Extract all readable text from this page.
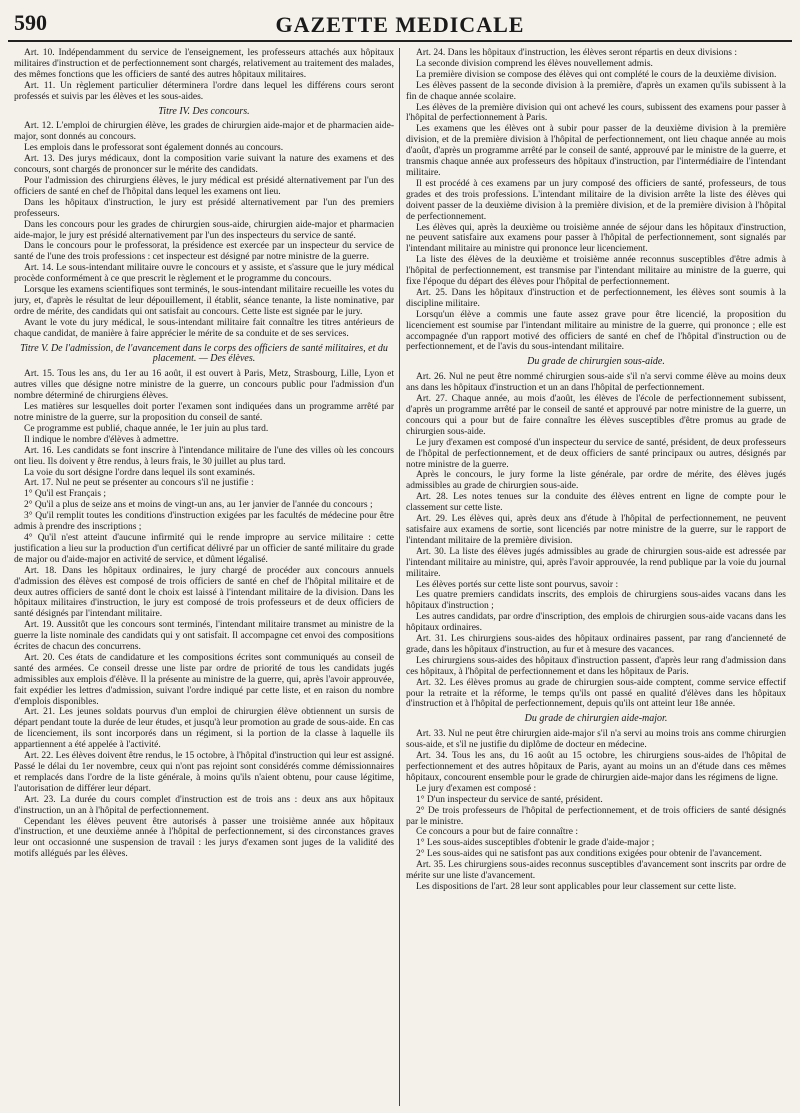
590	GAZETTE MEDICALE

Art. 10. Indépendamment du service de l'enseignement, les professeurs attachés aux hôpitaux militaires d'instruction et de perfectionnement sont chargés, relativement au traitement des malades, des mêmes fonctions que les officiers de santé des autres hôpitaux militaires.

Art. 11. Un règlement particulier déterminera l'ordre dans lequel les différens cours seront professés et suivis par les élèves et les sous-aides.

Titre IV. Des concours.

Art. 12. L'emploi de chirurgien élève, les grades de chirurgien aide-major et de pharmacien aide-major, sont donnés au concours.

Les emplois dans le professorat sont également donnés au concours.

Art. 13. Des jurys médicaux, dont la composition varie suivant la nature des examens et des concours, sont chargés de prononcer sur le mérite des candidats.

Pour l'admission des chirurgiens élèves, le jury médical est présidé alternativement par l'un des officiers de santé en chef de l'hôpital dans lequel les examens ont lieu.

Dans les hôpitaux d'instruction, le jury est présidé alternativement par l'un des premiers professeurs.

Dans les concours pour les grades de chirurgien sous-aide, chirurgien aide-major et pharmacien aide-major, le jury est présidé alternativement par l'un des inspecteurs du service de santé.

Dans le concours pour le professorat, la présidence est exercée par un inspecteur du service de santé de l'une des trois professions : cet inspecteur est désigné par notre ministre de la guerre.

Art. 14. Le sous-intendant militaire ouvre le concours et y assiste, et s'assure que le jury médical procède conformément à ce que prescrit le règlement et le programme du concours.

Lorsque les examens scientifiques sont terminés, le sous-intendant militaire recueille les votes du jury, et, d'après le résultat de leur dépouillement, il établit, séance tenante, la liste nominative, par ordre de mérite, des candidats qui ont satisfait au concours. Cette liste est signée par le jury.

Avant le vote du jury médical, le sous-intendant militaire fait connaître les titres antérieurs de chaque candidat, de manière à faire apprécier le mérite de sa conduite et de ses services.

Titre V. De l'admission, de l'avancement dans le corps des officiers de santé militaires, et du placement. — Des élèves.

Art. 15. Tous les ans, du 1er au 16 août, il est ouvert à Paris, Metz, Strasbourg, Lille, Lyon et autres villes que désigne notre ministre de la guerre, un concours public pour l'admission d'un nombre déterminé de chirurgiens élèves.

Les matières sur lesquelles doit porter l'examen sont indiquées dans un programme arrêté par notre ministre de la guerre, sur la proposition du conseil de santé.

Ce programme est publié, chaque année, le 1er juin au plus tard.

Il indique le nombre d'élèves à admettre.

Art. 16. Les candidats se font inscrire à l'intendance militaire de l'une des villes où les concours ont lieu. Ils doivent y être rendus, à leurs frais, le 30 juillet au plus tard.

La voie du sort désigne l'ordre dans lequel ils sont examinés.

Art. 17. Nul ne peut se présenter au concours s'il ne justifie :

1° Qu'il est Français ;

2° Qu'il a plus de seize ans et moins de vingt-un ans, au 1er janvier de l'année du concours ;

3° Qu'il remplit toutes les conditions d'instruction exigées par les facultés de médecine pour être admis à prendre des inscriptions ;

4° Qu'il n'est atteint d'aucune infirmité qui le rende impropre au service militaire : cette justification a lieu sur la production d'un certificat délivré par un officier de santé militaire du grade de major ou d'aide-major en activité de service, et dûment légalisé.

Art. 18. Dans les hôpitaux ordinaires, le jury chargé de procéder aux concours annuels d'admission des élèves est composé de trois officiers de santé en chef de l'hôpital militaire et de deux autres officiers de santé dont le choix est laissé à l'intendant militaire de la division. Dans les hôpitaux militaires d'instruction, le jury est composé de trois professeurs et de deux officiers de santé désignés par l'intendant militaire.

Art. 19. Aussitôt que les concours sont terminés, l'intendant militaire transmet au ministre de la guerre la liste nominale des candidats qui y ont satisfait. Il accompagne cet envoi des compositions écrites de chacun des concurrens.

Art. 20. Ces états de candidature et les compositions écrites sont communiqués au conseil de santé des armées. Ce conseil dresse une liste par ordre de priorité de tous les candidats jugés admissibles aux emplois d'élève. Il la présente au ministre de la guerre, qui, après l'avoir approuvée, fait expédier les lettres d'admission, suivant l'ordre indiqué par cette liste, et en raison du nombre d'emplois disponibles.

Art. 21. Les jeunes soldats pourvus d'un emploi de chirurgien élève obtiennent un sursis de départ pendant toute la durée de leur études, et jusqu'à leur promotion au grade de sous-aide. En cas de licenciement, ils sont incorporés dans un régiment, si la portion de la classe à laquelle ils appartiennent a été appelée à l'activité.

Art. 22. Les élèves doivent être rendus, le 15 octobre, à l'hôpital d'instruction qui leur est assigné. Passé le délai du 1er novembre, ceux qui n'ont pas rejoint sont considérés comme démissionnaires et remplacés dans l'ordre de la liste générale, à moins qu'ils n'aient obtenu, pour cause légitime, l'autorisation de différer leur départ.

Art. 23. La durée du cours complet d'instruction est de trois ans : deux ans aux hôpitaux d'instruction, un an à l'hôpital de perfectionnement.

Cependant les élèves peuvent être autorisés à passer une troisième année aux hôpitaux d'instruction, et une deuxième année à l'hôpital de perfectionnement, si des circonstances graves leur ont occasionné une suspension de travail : les jurys d'examen sont juges de la validité des motifs allégués par les élèves.

Art. 24. Dans les hôpitaux d'instruction, les élèves seront répartis en deux divisions :

La seconde division comprend les élèves nouvellement admis.

La première division se compose des élèves qui ont complété le cours de la deuxième division.

Les élèves passent de la seconde division à la première, d'après un examen qu'ils subissent à la fin de chaque année scolaire.

Les élèves de la première division qui ont achevé les cours, subissent des examens pour passer à l'hôpital de perfectionnement à Paris.

Les examens que les élèves ont à subir pour passer de la deuxième division à la première division, et de la première division à l'hôpital de perfectionnement, ont lieu chaque année au mois d'août, d'après un programme arrêté par le conseil de santé, approuvé par le ministre de la guerre, et transmis chaque année aux professeurs des hôpitaux d'instruction, par l'intermédiaire de l'intendant militaire.

Il est procédé à ces examens par un jury composé des officiers de santé, professeurs, de tous grades et des trois professions. L'intendant militaire de la division arrête la liste des élèves qui doivent passer de la deuxième division à la première division, et de la première division à l'hôpital de perfectionnement.

Les élèves qui, après la deuxième ou troisième année de séjour dans les hôpitaux d'instruction, ne peuvent satisfaire aux examens pour passer à l'hôpital de perfectionnement, sont signalés par l'intendant militaire au ministre qui prononce leur licenciement.

La liste des élèves de la deuxième et troisième année reconnus susceptibles d'être admis à l'hôpital de perfectionnement, est transmise par l'intendant militaire au ministre de la guerre, qui fixe l'époque du départ des élèves pour l'hôpital de perfectionnement.

Art. 25. Dans les hôpitaux d'instruction et de perfectionnement, les élèves sont soumis à la discipline militaire.

Lorsqu'un élève a commis une faute assez grave pour être licencié, la proposition du licenciement est soumise par l'intendant militaire au ministre de la guerre, qui prononce ; elle est accompagnée d'un rapport motivé des officiers de santé en chef de l'hôpital d'instruction ou de perfectionnement, et de l'avis du sous-intendant militaire.

Du grade de chirurgien sous-aide.

Art. 26. Nul ne peut être nommé chirurgien sous-aide s'il n'a servi comme élève au moins deux ans dans les hôpitaux d'instruction et un an dans l'hôpital de perfectionnement.

Art. 27. Chaque année, au mois d'août, les élèves de l'école de perfectionnement subissent, d'après un programme arrêté par le conseil de santé et approuvé par notre ministre de la guerre, un concours qui a pour but de faire connaître les élèves susceptibles d'être promus au grade de chirurgien sous-aide.

Le jury d'examen est composé d'un inspecteur du service de santé, président, de deux professeurs de l'hôpital de perfectionnement, et de deux officiers de santé principaux ou autres, désignés par notre ministre de la guerre.

Après le concours, le jury forme la liste générale, par ordre de mérite, des élèves jugés admissibles au grade de chirurgien sous-aide.

Art. 28. Les notes tenues sur la conduite des élèves entrent en ligne de compte pour le classement sur cette liste.

Art. 29. Les élèves qui, après deux ans d'étude à l'hôpital de perfectionnement, ne peuvent satisfaire aux examens de sortie, sont licenciés par notre ministre de la guerre, sur le rapport de l'intendant militaire de la première division.

Art. 30. La liste des élèves jugés admissibles au grade de chirurgien sous-aide est adressée par l'intendant militaire au ministre, qui, après l'avoir approuvée, la rend publique par la voie du journal militaire.

Les élèves portés sur cette liste sont pourvus, savoir :

Les quatre premiers candidats inscrits, des emplois de chirurgiens sous-aides vacans dans les hôpitaux d'instruction ;

Les autres candidats, par ordre d'inscription, des emplois de chirurgien sous-aide vacans dans les hôpitaux ordinaires.

Art. 31. Les chirurgiens sous-aides des hôpitaux ordinaires passent, par rang d'ancienneté de grade, dans les hôpitaux d'instruction, au fur et à mesure des vacances.

Les chirurgiens sous-aides des hôpitaux d'instruction passent, d'après leur rang d'admission dans ces hôpitaux, à l'hôpital de perfectionnement et dans les hôpitaux de Paris.

Art. 32. Les élèves promus au grade de chirurgien sous-aide comptent, comme service effectif pour la retraite et la réforme, le temps qu'ils ont passé en qualité d'élèves dans les hôpitaux d'instruction et à l'hôpital de perfectionnement, depuis qu'ils ont atteint leur 18e année.

Du grade de chirurgien aide-major.

Art. 33. Nul ne peut être chirurgien aide-major s'il n'a servi au moins trois ans comme chirurgien sous-aide, et s'il ne justifie du diplôme de docteur en médecine.

Art. 34. Tous les ans, du 16 août au 15 octobre, les chirurgiens sous-aides de l'hôpital de perfectionnement et des autres hôpitaux de Paris, ayant au moins un an d'étude dans ces mêmes hôpitaux, concourent ensemble pour le grade de chirurgien aide-major dans les régimens de ligne.

Le jury d'examen est composé :

1° D'un inspecteur du service de santé, président.

2° De trois professeurs de l'hôpital de perfectionnement, et de trois officiers de santé désignés par le ministre.

Ce concours a pour but de faire connaître :

1° Les sous-aides susceptibles d'obtenir le grade d'aide-major ;

2° Les sous-aides qui ne satisfont pas aux conditions exigées pour obtenir de l'avancement.

Art. 35. Les chirurgiens sous-aides reconnus susceptibles d'avancement sont inscrits par ordre de mérite sur une liste d'avancement.

Les dispositions de l'art. 28 leur sont applicables pour leur classement sur cette liste.
